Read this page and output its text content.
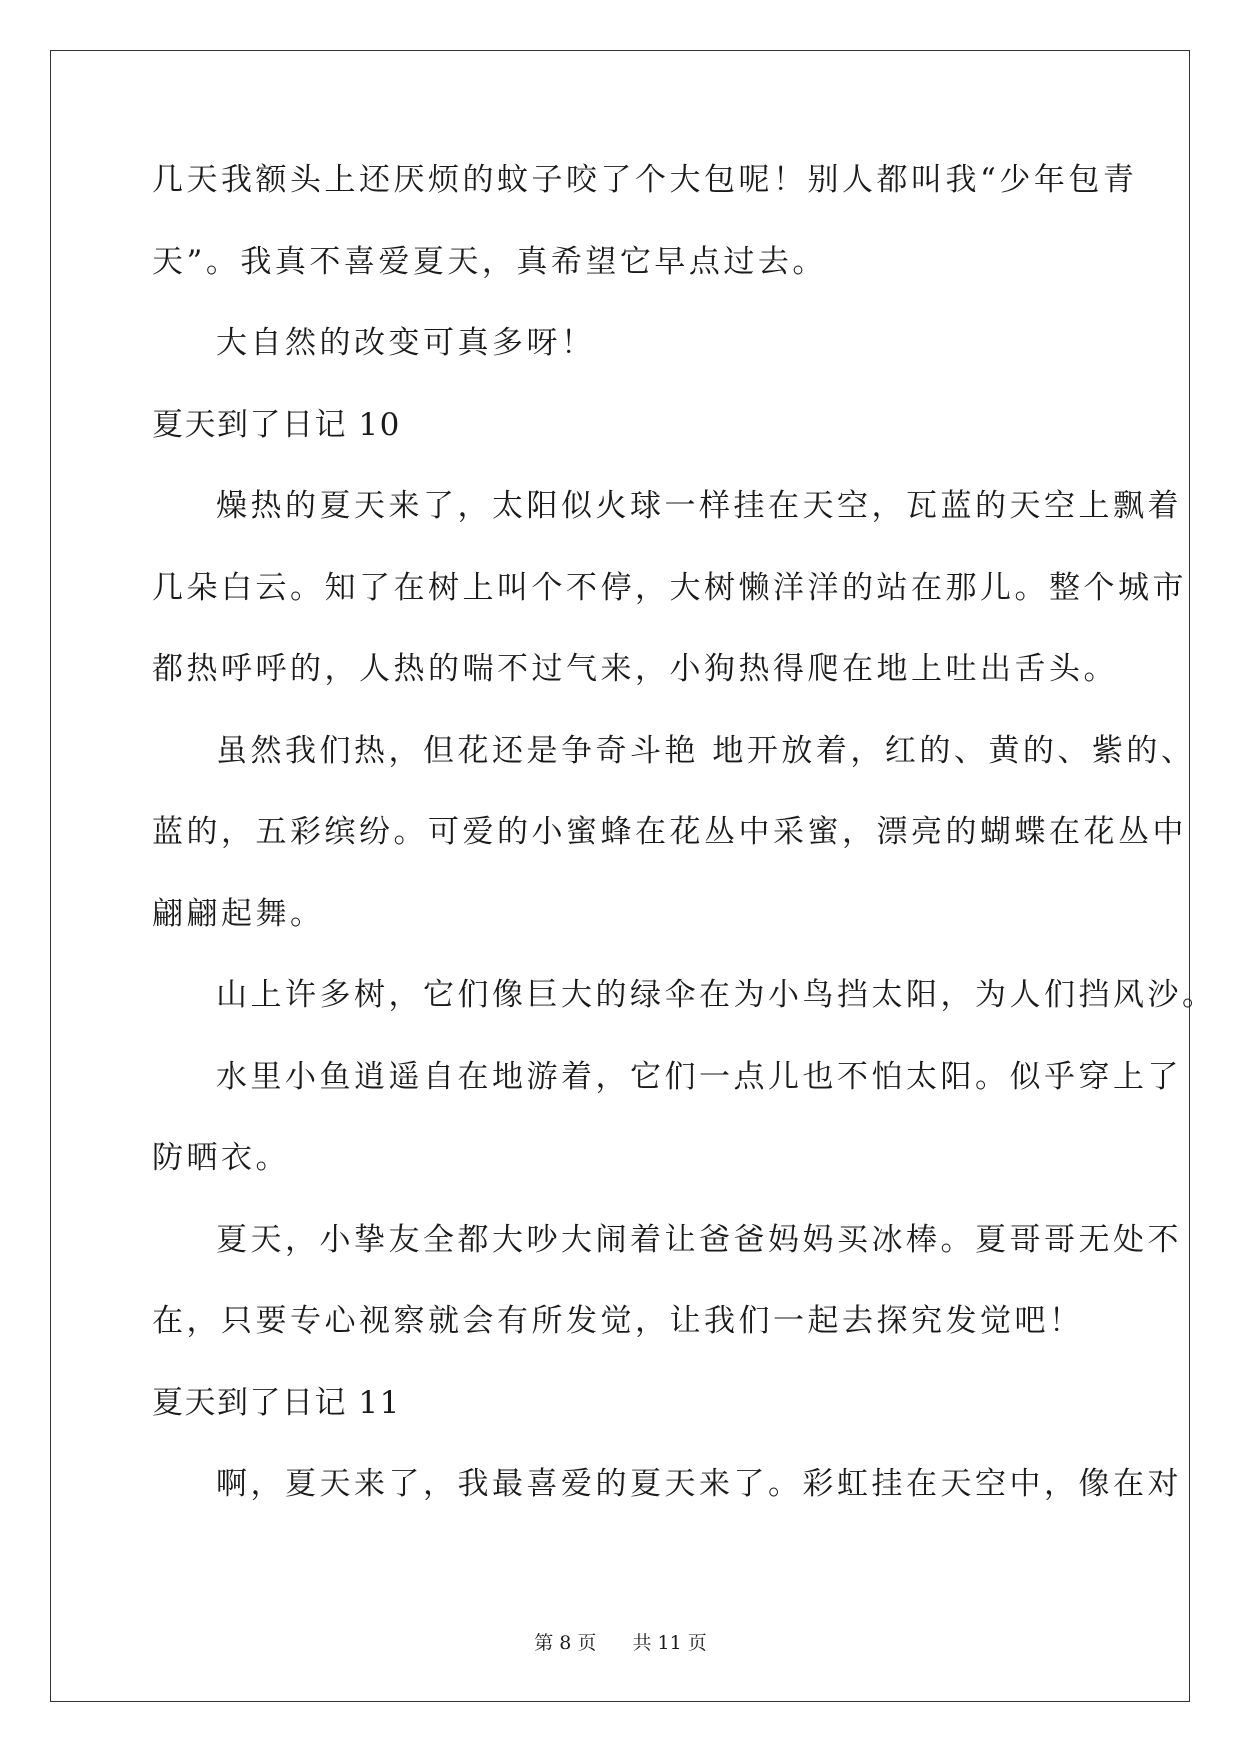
几天我额头上还厌烦的蚊子咬了个大包呢！别人都叫我“少年包青
天”。我真不喜爱夏天，真希望它早点过去。
大自然的改变可真多呀！
夏天到了日记 10
燥热的夏天来了，太阳似火球一样挂在天空，瓦蓝的天空上飘着
几朵白云。知了在树上叫个不停，大树懒洋洋的站在那儿。整个城市
都热呼呼的，人热的喘不过气来，小狗热得爬在地上吐出舌头。
虽然我们热，但花还是争奇斗艳 地开放着，红的、黄的、紫的、
蓝的，五彩缤纷。可爱的小蜜蜂在花丛中采蜜，漂亮的蝴蝶在花丛中
翩翩起舞。
山上许多树，它们像巨大的绿伞在为小鸟挡太阳，为人们挡风沙。
水里小鱼逍遥自在地游着，它们一点儿也不怕太阳。似乎穿上了
防晒衣。
夏天，小挚友全都大吵大闹着让爸爸妈妈买冰棒。夏哥哥无处不
在，只要专心视察就会有所发觉，让我们一起去探究发觉吧！
夏天到了日记 11
啊，夏天来了，我最喜爱的夏天来了。彩虹挂在天空中，像在对
第 8 页 共 11 页
